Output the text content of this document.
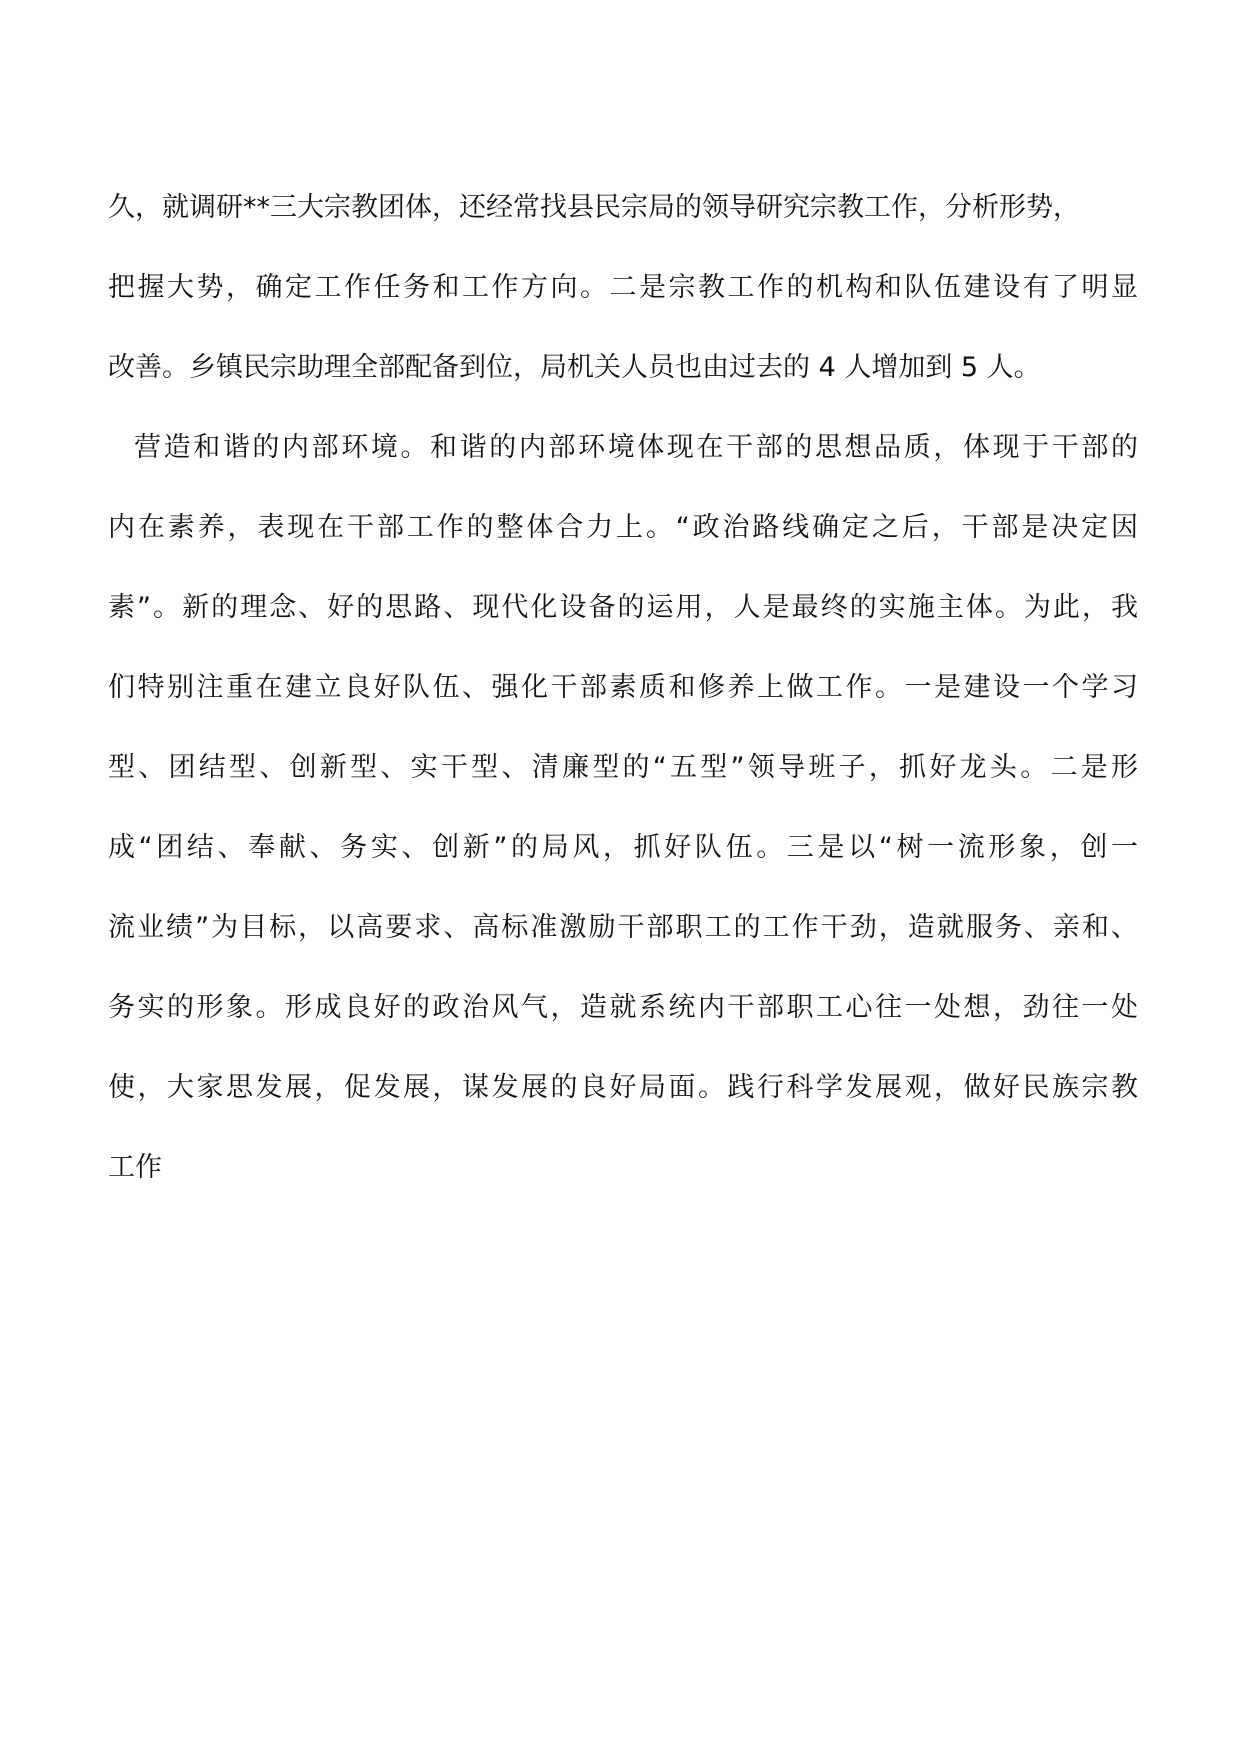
久，就调研**三大宗教团体，还经常找县民宗局的领导研究宗教工作，分析形势，
把握大势，确定工作任务和工作方向。二是宗教工作的机构和队伍建设有了明显
改善。乡镇民宗助理全部配备到位，局机关人员也由过去的 4 人增加到 5 人。
营造和谐的内部环境。和谐的内部环境体现在干部的思想品质，体现于干部的
内在素养，表现在干部工作的整体合力上。“政治路线确定之后，干部是决定因
素”。新的理念、好的思路、现代化设备的运用，人是最终的实施主体。为此，我
们特别注重在建立良好队伍、强化干部素质和修养上做工作。一是建设一个学习
型、团结型、创新型、实干型、清廉型的“五型”领导班子，抓好龙头。二是形
成“团结、奉献、务实、创新”的局风，抓好队伍。三是以“树一流形象，创一
流业绩”为目标，以高要求、高标准激励干部职工的工作干劲，造就服务、亲和、
务实的形象。形成良好的政治风气，造就系统内干部职工心往一处想，劲往一处
使，大家思发展，促发展，谋发展的良好局面。践行科学发展观，做好民族宗教
工作
